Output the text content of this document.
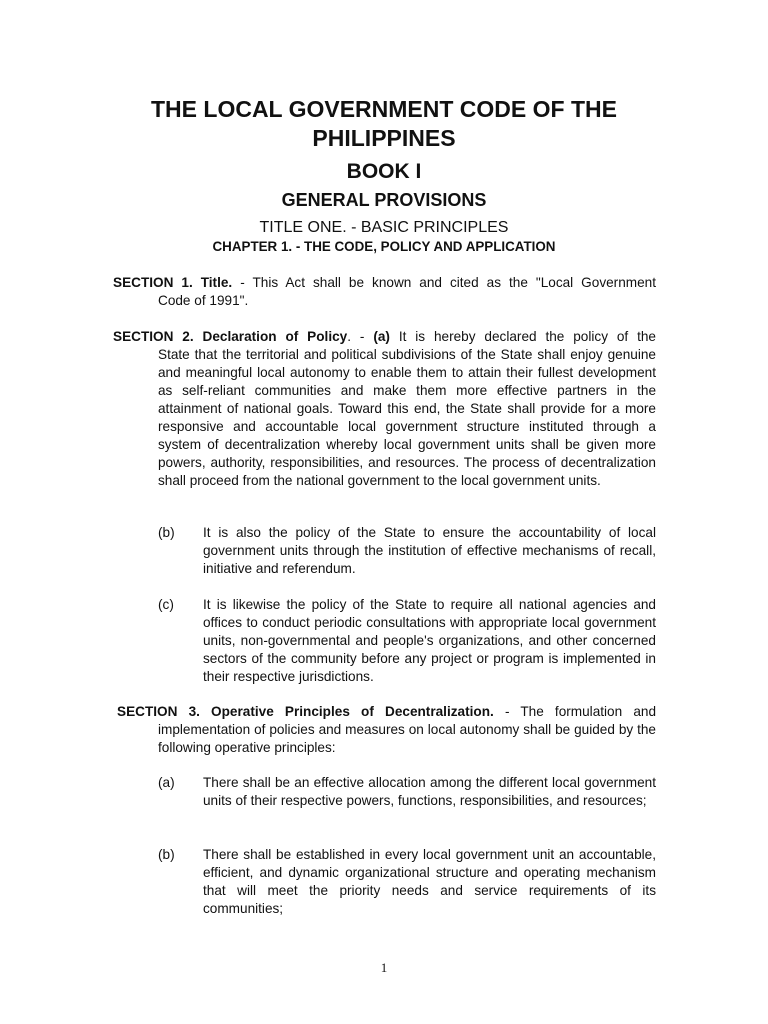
THE LOCAL GOVERNMENT CODE OF THE PHILIPPINES
BOOK I
GENERAL PROVISIONS
TITLE ONE. - BASIC PRINCIPLES
CHAPTER 1. - THE CODE, POLICY AND APPLICATION
SECTION 1. Title. - This Act shall be known and cited as the "Local Government
Code of 1991".
SECTION 2. Declaration of Policy. - (a) It is hereby declared the policy of the
State that the territorial and political subdivisions of the State shall enjoy genuine and meaningful local autonomy to enable them to attain their fullest development as self-reliant communities and make them more effective partners in the attainment of national goals. Toward this end, the State shall provide for a more responsive and accountable local government structure instituted through a system of decentralization whereby local government units shall be given more powers, authority, responsibilities, and resources. The process of decentralization shall proceed from the national government to the local government units.
(b) It is also the policy of the State to ensure the accountability of local government units through the institution of effective mechanisms of recall, initiative and referendum.
(c) It is likewise the policy of the State to require all national agencies and offices to conduct periodic consultations with appropriate local government units, non-governmental and people's organizations, and other concerned sectors of the community before any project or program is implemented in their respective jurisdictions.
SECTION 3. Operative Principles of Decentralization. - The formulation and
implementation of policies and measures on local autonomy shall be guided by the following operative principles:
(a) There shall be an effective allocation among the different local government units of their respective powers, functions, responsibilities, and resources;
(b) There shall be established in every local government unit an accountable, efficient, and dynamic organizational structure and operating mechanism that will meet the priority needs and service requirements of its communities;
1
